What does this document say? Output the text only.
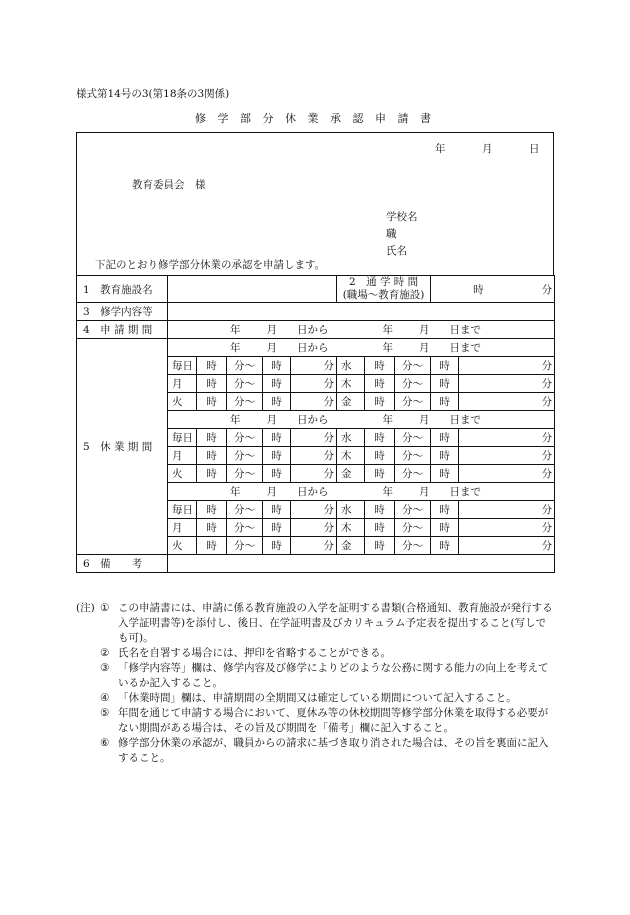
様式第14号の3(第18条の3関係)
修 学 部 分 休 業 承 認 申 請 書
年	月	日
教育委員会　様
学校名
職
氏名
下記のとおり修学部分休業の承認を申請します。
1　教育施設名						2　通 学 時 間
(職場～教育施設)			時		分
3　修学内容等											
4　申 請 期 間	年 月 日から 年 月 日まで										
5　休 業 期 間	年 月 日から 年 月 日まで										
	毎日	時	分～	時	分	水	時	分～	時	分	
	月	時	分～	時	分	木	時	分～	時	分	
	火	時	分～	時	分	金	時	分～	時	分	
	年 月 日から 年 月 日まで										
	毎日	時	分～	時	分	水	時	分～	時	分	
	月	時	分～	時	分	木	時	分～	時	分	
	火	時	分～	時	分	金	時	分～	時	分	
	年 月 日から 年 月 日まで										
	毎日	時	分～	時	分	水	時	分～	時	分	
	月	時	分～	時	分	木	時	分～	時	分	
	火	時	分～	時	分	金	時	分～	時	分	
6　備　　考											
(注) ① この申請書には、申請に係る教育施設の入学を証明する書類(合格通知、教育施設が発行する入学証明書等)を添付し、後日、在学証明書及びカリキュラム予定表を提出すること(写しでも可)。
② 氏名を自署する場合には、押印を省略することができる。
③ 「修学内容等」欄は、修学内容及び修学によりどのような公務に関する能力の向上を考えているか記入すること。
④ 「休業時間」欄は、申請期間の全期間又は確定している期間について記入すること。
⑤ 年間を通じて申請する場合において、夏休み等の休校期間等修学部分休業を取得する必要がない期間がある場合は、その旨及び期間を「備考」欄に記入すること。
⑥ 修学部分休業の承認が、職員からの請求に基づき取り消された場合は、その旨を裏面に記入すること。
